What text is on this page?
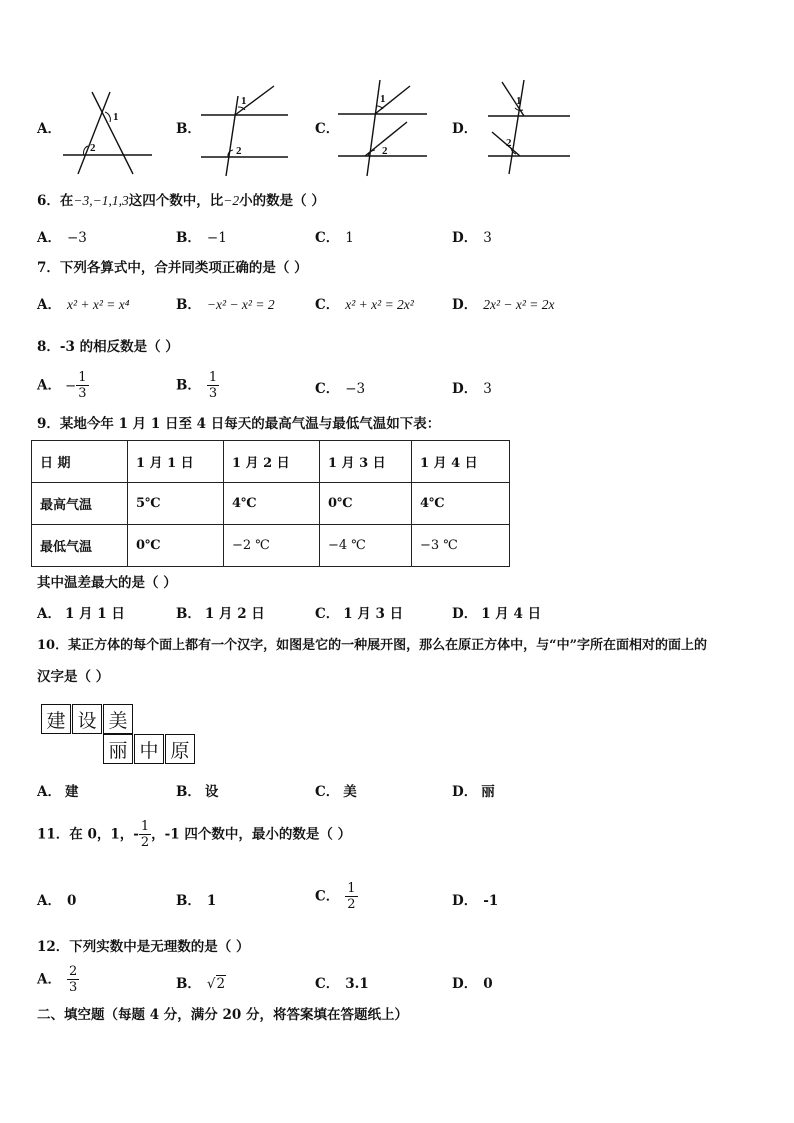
A．
1
2
B．
1
2
C．
1
2
D．
1
2
6．在−3,−1,1,3这四个数中，比−2小的数是（ ）
A． −3	B． −1	C． 1	D． 3
7．下列各算式中，合并同类项正确的是（ ）
A． x² + x² = x⁴	B． −x² − x² = 2	C． x² + x² = 2x²	D． 2x² − x² = 2x
8．-3 的相反数是（ ）
A． − $\frac{1}{3}$	B． $\frac{1}{3}$	C． −3	D． 3
9．某地今年 1 月 1 日至 4 日每天的最高气温与最低气温如下表：
日 期	1 月 1 日	1 月 2 日	1 月 3 日	1 月 4 日
最高气温	5℃	4℃	0℃	4℃
最低气温	0℃	−2 ℃	−4 ℃	−3 ℃
其中温差最大的是（ ）
A． 1 月 1 日	B． 1 月 2 日	C． 1 月 3 日	D． 1 月 4 日
10．某正方体的每个面上都有一个汉字，如图是它的一种展开图，那么在原正方体中，与“中”字所在面相对的面上的
汉字是（ ）
建 设 美
丽 中 原
A． 建	B． 设	C． 美	D． 丽
11．在 0，1，- $\frac{1}{2}$ ，-1 四个数中，最小的数是（ ）
A． 0	B． 1	C． $\frac{1}{2}$	D． -1
12．下列实数中是无理数的是（ ）
A． $\frac{2}{3}$	B． √2	C． 3.1	D． 0
二、填空题（每题 4 分，满分 20 分，将答案填在答题纸上）
